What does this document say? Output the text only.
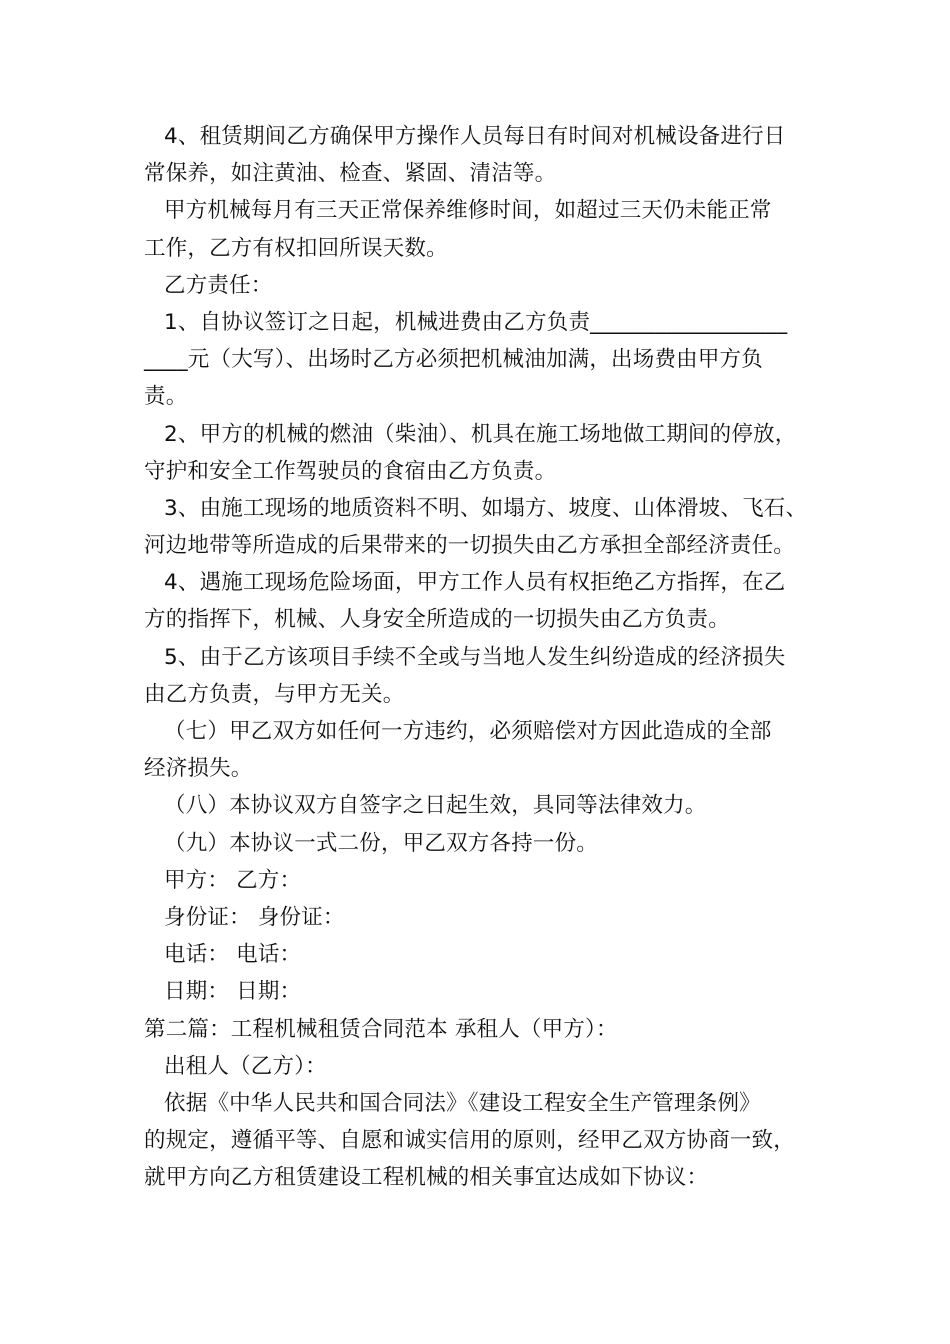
4、租赁期间乙方确保甲方操作人员每日有时间对机械设备进行日
常保养，如注黄油、检查、紧固、清洁等。
甲方机械每月有三天正常保养维修时间，如超过三天仍未能正常
工作，乙方有权扣回所误天数。
乙方责任：
1、自协议签订之日起，机械进费由乙方负责__________________
____元（大写）、出场时乙方必须把机械油加满，出场费由甲方负
责。
2、甲方的机械的燃油（柴油）、机具在施工场地做工期间的停放，
守护和安全工作驾驶员的食宿由乙方负责。
3、由施工现场的地质资料不明、如塌方、坡度、山体滑坡、飞石、
河边地带等所造成的后果带来的一切损失由乙方承担全部经济责任。
4、遇施工现场危险场面，甲方工作人员有权拒绝乙方指挥，在乙
方的指挥下，机械、人身安全所造成的一切损失由乙方负责。
5、由于乙方该项目手续不全或与当地人发生纠纷造成的经济损失
由乙方负责，与甲方无关。
（七）甲乙双方如任何一方违约，必须赔偿对方因此造成的全部
经济损失。
（八）本协议双方自签字之日起生效，具同等法律效力。
（九）本协议一式二份，甲乙双方各持一份。
甲方： 乙方：
身份证： 身份证：
电话： 电话：
日期： 日期：
第二篇：工程机械租赁合同范本 承租人（甲方）：
出租人（乙方）：
依据《中华人民共和国合同法》《建设工程安全生产管理条例》
的规定，遵循平等、自愿和诚实信用的原则，经甲乙双方协商一致，
就甲方向乙方租赁建设工程机械的相关事宜达成如下协议：
